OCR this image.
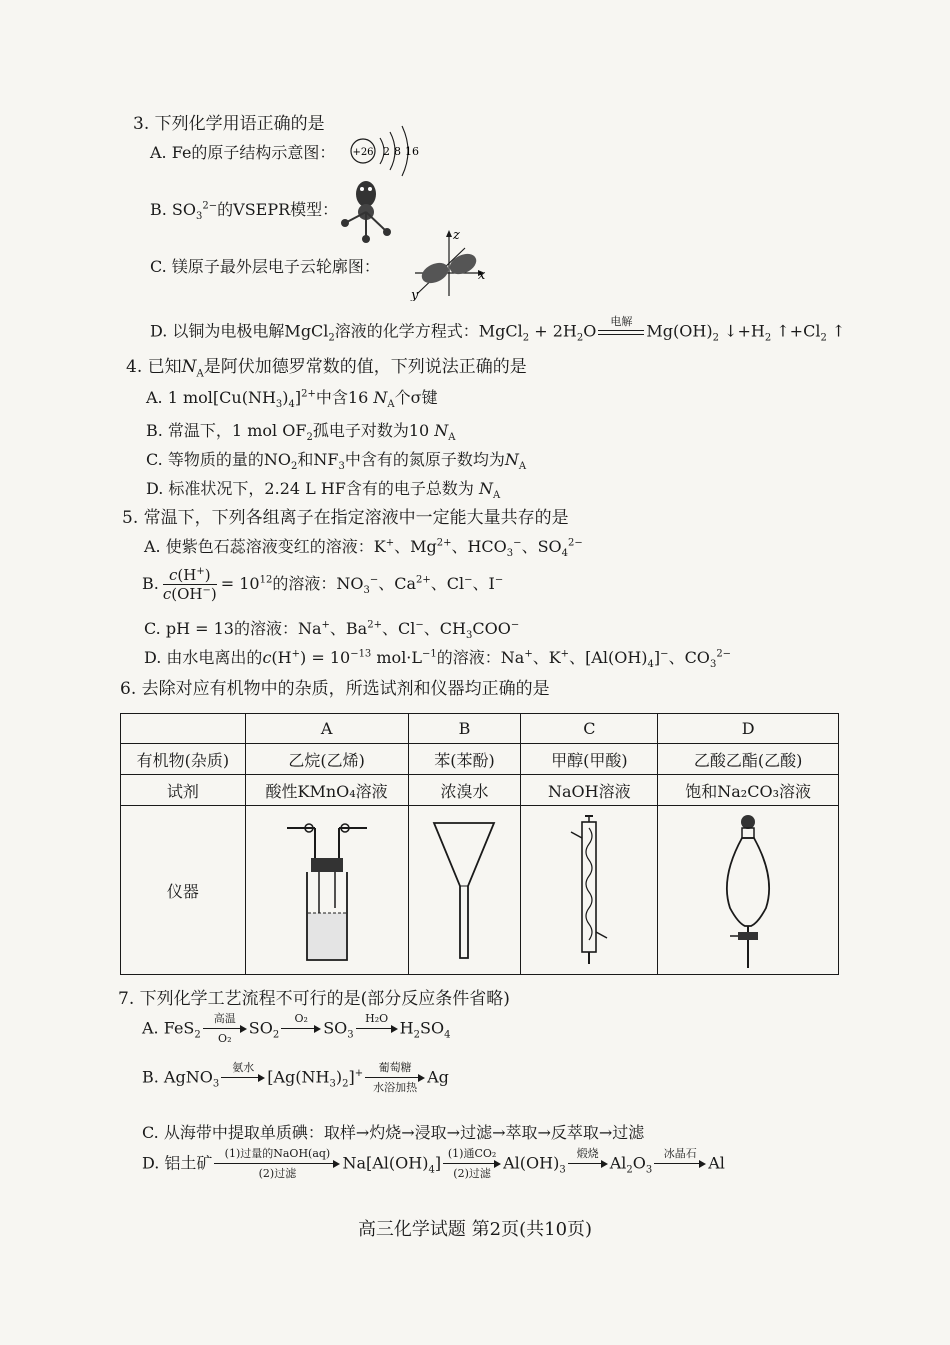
3. 下列化学用语正确的是
A. Fe的原子结构示意图： +26 2 8 16
B. $SO_3^{2-}$的VSEPR模型：
C. 镁原子最外层电子云轮廓图：
z
x
y
D. 以铜为电极电解MgCl$_2$溶液的化学方程式：MgCl$_2$ + $2H_2O$	电解
$Mg(OH)_2$ $↓+H_2$ $↑+Cl_2$ ↑
4. 已知$N_A$是阿伏加德罗常数的值，下列说法正确的是
A. 1 $mol[Cu(NH_3)_4]^{2+}$中含16 $N_A$个σ键
B. 常温下，1 mol $OF_2$孤电子对数为10 $N_A$
C. 等物质的量的$NO_2$和$NF_3$中含有的氮原子数均为$N_A$
D. 标准状况下，2.24 L HF含有的电子总数为 $N_A$
5. 常温下，下列各组离子在指定溶液中一定能大量共存的是
A. 使紫色石蕊溶液变红的溶液：K+、$Mg^{2+}$、$HCO_3^-$、$SO_4^{2-}$
B. $\frac{c(H^+)}{c(OH^-)} = 10^{12}$的溶液：$NO_3^-$、$Ca^{2+}$、Cl−、I−
C. pH = 13的溶液：Na+、$Ba^{2+}$、Cl−、$CH_3COO^-$
D. 由水电离出的$c(H^+) = 10^{-13}$ $mol\cdot L^{-1}$的溶液：Na+、K+、$[Al(OH)_4]^-$、$CO_3^{2-}$
6. 去除对应有机物中的杂质，所选试剂和仪器均正确的是
	A	B	C	D
有机物(杂质)	乙烷(乙烯)	苯(苯酚)	甲醇(甲酸)	乙酸乙酯(乙酸)
试剂	酸性KMnO₄溶液	浓溴水	NaOH溶液	饱和Na₂CO₃溶液
仪器				
7. 下列化学工艺流程不可行的是(部分反应条件省略)
A. FeS$_2$
高温
O₂
$SO_2$
O₂
$SO_3$
H₂O
$H_2SO_4$
B. AgNO$_3$
氨水
$[Ag(NH_3)_2]^+$	葡萄糖
水浴加热
Ag
C. 从海带中提取单质碘：取样→灼烧→浸取→过滤→萃取→反萃取→过滤
D. 铝土矿	(1)过量的NaOH(aq)
(2)过滤
$Na[Al(OH)_4]$ (1)通CO₂
(2)过滤
$Al(OH)_3$
煅烧
$Al_2O_3$
冰晶石
Al
高三化学试题 第2页(共10页)
